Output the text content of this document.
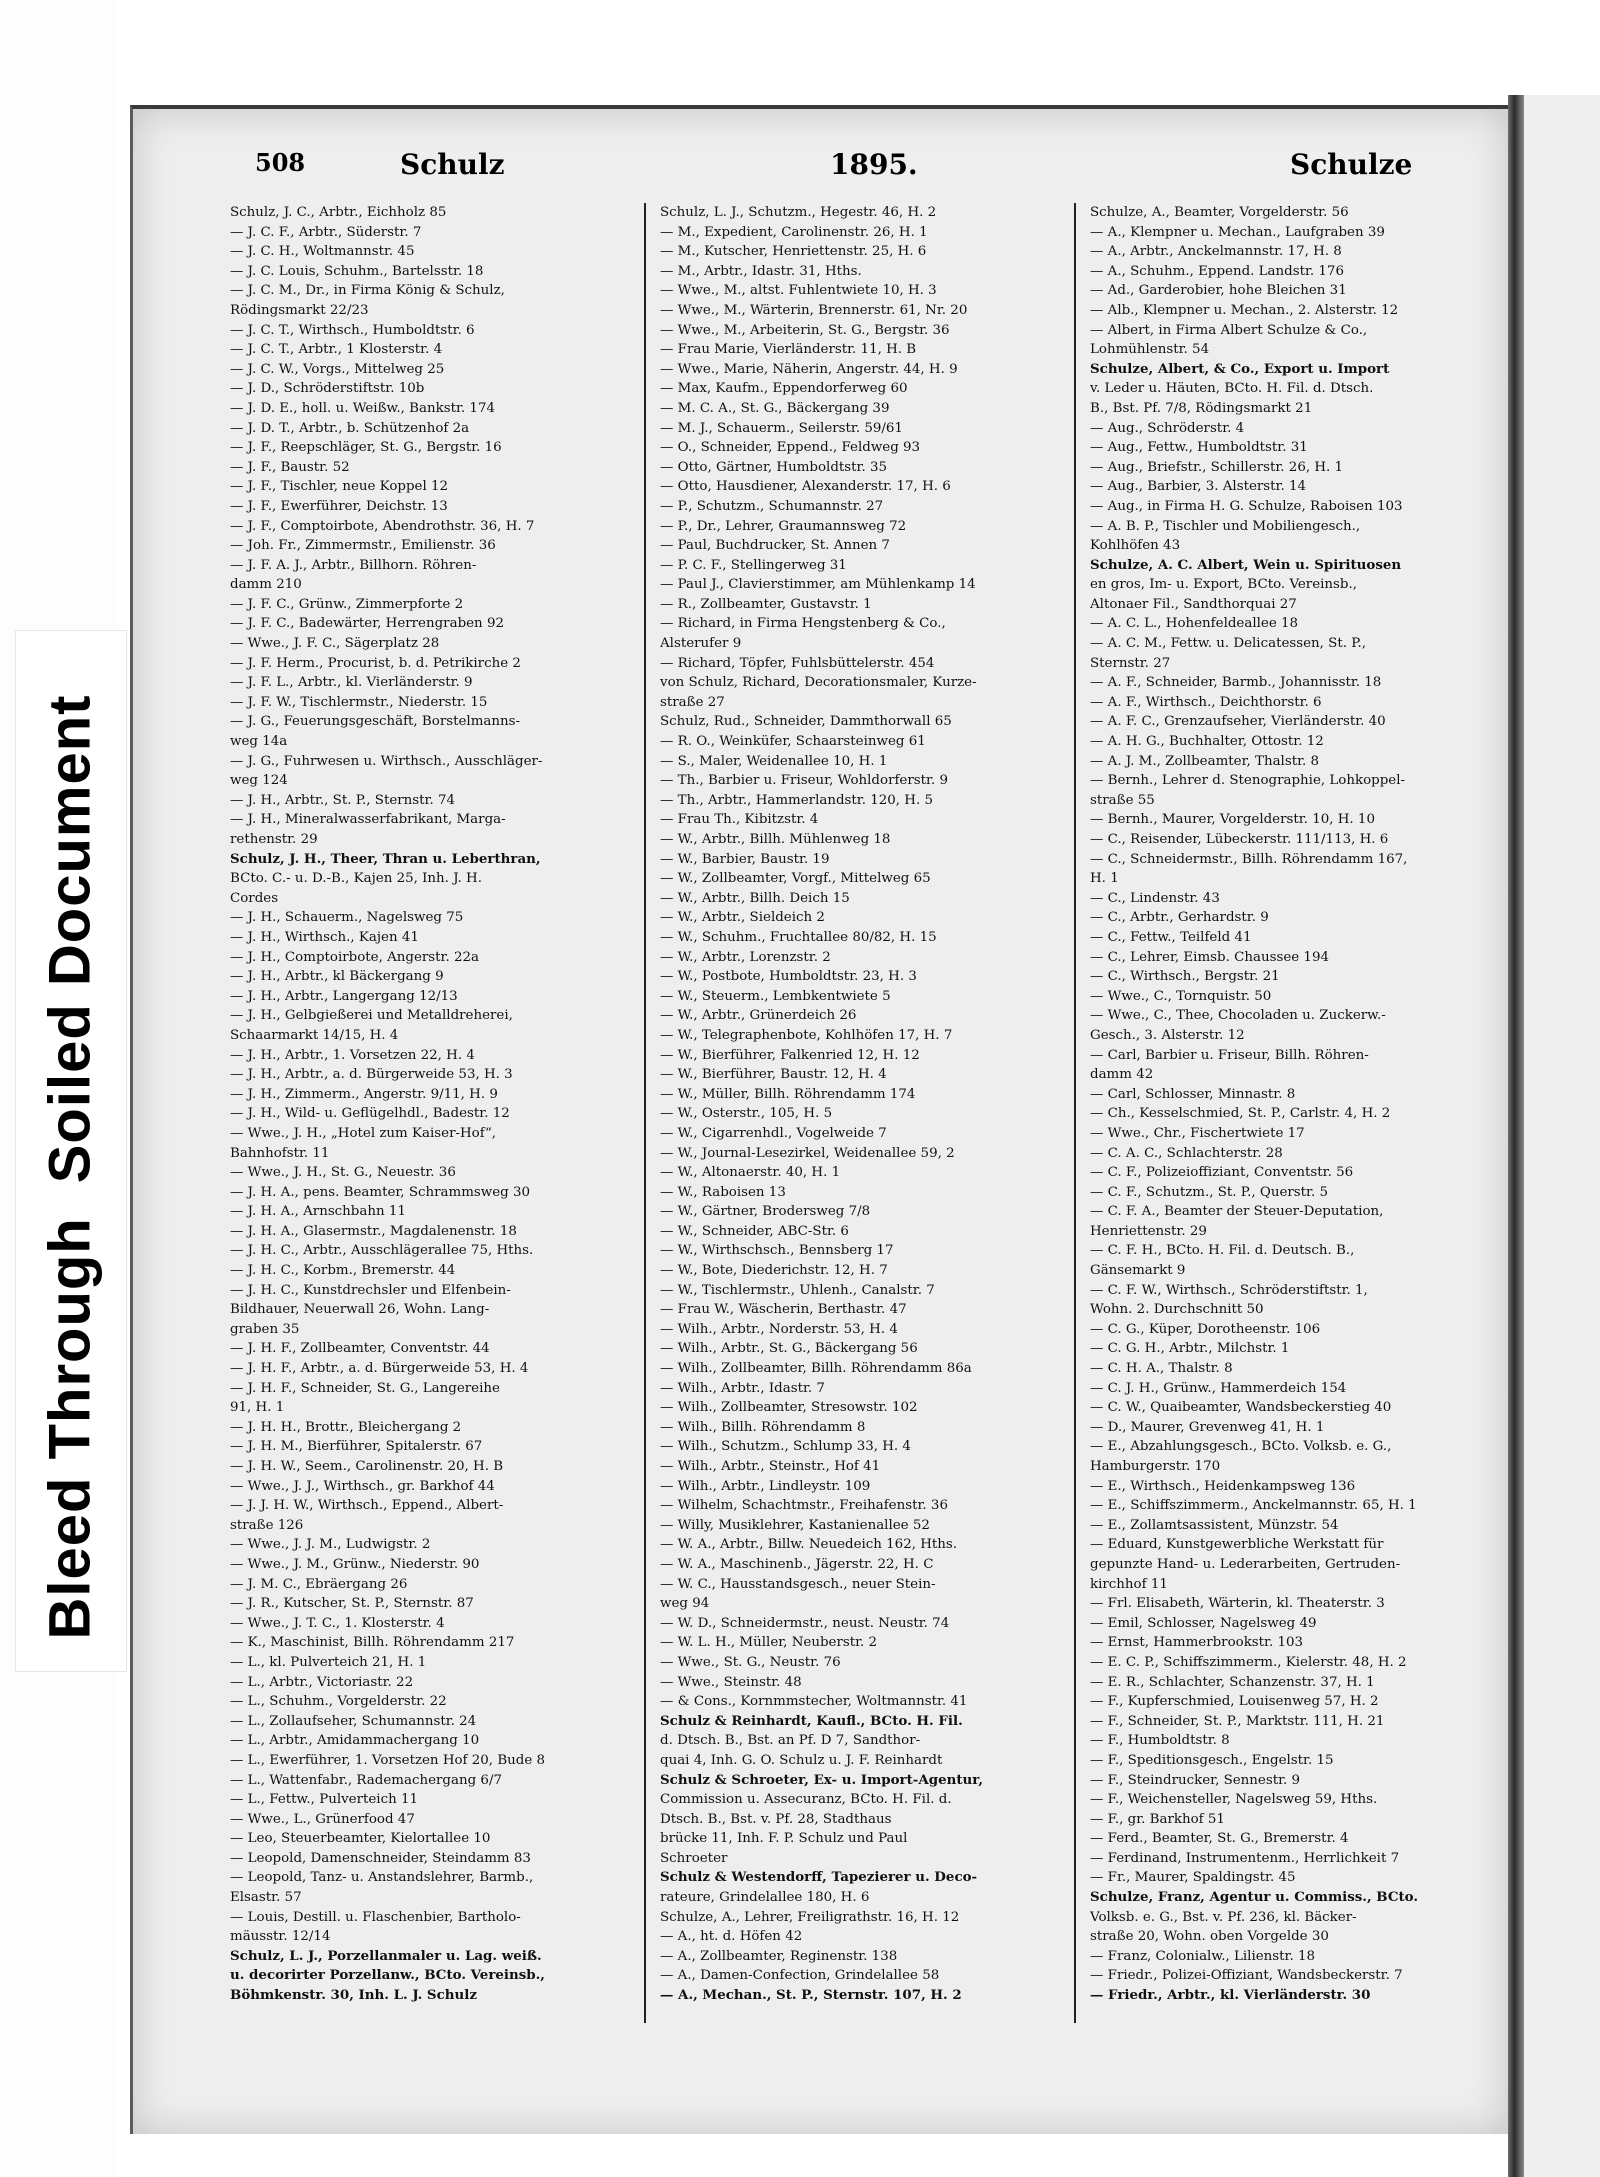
Bleed ThroughSoiled Document
508	Schulz	1895.	Schulze
Schulz, J. C., Arbtr., Eichholz 85
— J. C. F., Arbtr., Süderstr. 7
— J. C. H., Woltmannstr. 45
— J. C. Louis, Schuhm., Bartelsstr. 18
— J. C. M., Dr., in Firma König & Schulz,
Rödingsmarkt 22/23
— J. C. T., Wirthsch., Humboldtstr. 6
— J. C. T., Arbtr., 1 Klosterstr. 4
— J. C. W., Vorgs., Mittelweg 25
— J. D., Schröderstiftstr. 10b
— J. D. E., holl. u. Weißw., Bankstr. 174
— J. D. T., Arbtr., b. Schützenhof 2a
— J. F., Reepschläger, St. G., Bergstr. 16
— J. F., Baustr. 52
— J. F., Tischler, neue Koppel 12
— J. F., Ewerführer, Deichstr. 13
— J. F., Comptoirbote, Abendrothstr. 36, H. 7
— Joh. Fr., Zimmermstr., Emilienstr. 36
— J. F. A. J., Arbtr., Billhorn. Röhren-
damm 210
— J. F. C., Grünw., Zimmerpforte 2
— J. F. C., Badewärter, Herrengraben 92
— Wwe., J. F. C., Sägerplatz 28
— J. F. Herm., Procurist, b. d. Petrikirche 2
— J. F. L., Arbtr., kl. Vierländerstr. 9
— J. F. W., Tischlermstr., Niederstr. 15
— J. G., Feuerungsgeschäft, Borstelmanns-
weg 14a
— J. G., Fuhrwesen u. Wirthsch., Ausschläger-
weg 124
— J. H., Arbtr., St. P., Sternstr. 74
— J. H., Mineralwasserfabrikant, Marga-
rethenstr. 29
Schulz, J. H., Theer, Thran u. Leberthran,
BCto. C.- u. D.-B., Kajen 25, Inh. J. H.
Cordes
— J. H., Schauerm., Nagelsweg 75
— J. H., Wirthsch., Kajen 41
— J. H., Comptoirbote, Angerstr. 22a
— J. H., Arbtr., kl Bäckergang 9
— J. H., Arbtr., Langergang 12/13
— J. H., Gelbgießerei und Metalldreherei,
Schaarmarkt 14/15, H. 4
— J. H., Arbtr., 1. Vorsetzen 22, H. 4
— J. H., Arbtr., a. d. Bürgerweide 53, H. 3
— J. H., Zimmerm., Angerstr. 9/11, H. 9
— J. H., Wild- u. Geflügelhdl., Badestr. 12
— Wwe., J. H., „Hotel zum Kaiser-Hof“,
Bahnhofstr. 11
— Wwe., J. H., St. G., Neuestr. 36
— J. H. A., pens. Beamter, Schrammsweg 30
— J. H. A., Arnschbahn 11
— J. H. A., Glasermstr., Magdalenenstr. 18
— J. H. C., Arbtr., Ausschlägerallee 75, Hths.
— J. H. C., Korbm., Bremerstr. 44
— J. H. C., Kunstdrechsler und Elfenbein-
Bildhauer, Neuerwall 26, Wohn. Lang-
graben 35
— J. H. F., Zollbeamter, Conventstr. 44
— J. H. F., Arbtr., a. d. Bürgerweide 53, H. 4
— J. H. F., Schneider, St. G., Langereihe
91, H. 1
— J. H. H., Brottr., Bleichergang 2
— J. H. M., Bierführer, Spitalerstr. 67
— J. H. W., Seem., Carolinenstr. 20, H. B
— Wwe., J. J., Wirthsch., gr. Barkhof 44
— J. J. H. W., Wirthsch., Eppend., Albert-
straße 126
— Wwe., J. J. M., Ludwigstr. 2
— Wwe., J. M., Grünw., Niederstr. 90
— J. M. C., Ebräergang 26
— J. R., Kutscher, St. P., Sternstr. 87
— Wwe., J. T. C., 1. Klosterstr. 4
— K., Maschinist, Billh. Röhrendamm 217
— L., kl. Pulverteich 21, H. 1
— L., Arbtr., Victoriastr. 22
— L., Schuhm., Vorgelderstr. 22
— L., Zollaufseher, Schumannstr. 24
— L., Arbtr., Amidammachergang 10
— L., Ewerführer, 1. Vorsetzen Hof 20, Bude 8
— L., Wattenfabr., Rademachergang 6/7
— L., Fettw., Pulverteich 11
— Wwe., L., Grünerfood 47
— Leo, Steuerbeamter, Kielortallee 10
— Leopold, Damenschneider, Steindamm 83
— Leopold, Tanz- u. Anstandslehrer, Barmb.,
Elsastr. 57
— Louis, Destill. u. Flaschenbier, Bartholo-
mäusstr. 12/14
Schulz, L. J., Porzellanmaler u. Lag. weiß.
u. decorirter Porzellanw., BCto. Vereinsb.,
Böhmkenstr. 30, Inh. L. J. Schulz
Schulz, L. J., Schutzm., Hegestr. 46, H. 2
— M., Expedient, Carolinenstr. 26, H. 1
— M., Kutscher, Henriettenstr. 25, H. 6
— M., Arbtr., Idastr. 31, Hths.
— Wwe., M., altst. Fuhlentwiete 10, H. 3
— Wwe., M., Wärterin, Brennerstr. 61, Nr. 20
— Wwe., M., Arbeiterin, St. G., Bergstr. 36
— Frau Marie, Vierländerstr. 11, H. B
— Wwe., Marie, Näherin, Angerstr. 44, H. 9
— Max, Kaufm., Eppendorferweg 60
— M. C. A., St. G., Bäckergang 39
— M. J., Schauerm., Seilerstr. 59/61
— O., Schneider, Eppend., Feldweg 93
— Otto, Gärtner, Humboldtstr. 35
— Otto, Hausdiener, Alexanderstr. 17, H. 6
— P., Schutzm., Schumannstr. 27
— P., Dr., Lehrer, Graumannsweg 72
— Paul, Buchdrucker, St. Annen 7
— P. C. F., Stellingerweg 31
— Paul J., Clavierstimmer, am Mühlenkamp 14
— R., Zollbeamter, Gustavstr. 1
— Richard, in Firma Hengstenberg & Co.,
Alsterufer 9
— Richard, Töpfer, Fuhlsbüttelerstr. 454
von Schulz, Richard, Decorationsmaler, Kurze-
straße 27
Schulz, Rud., Schneider, Dammthorwall 65
— R. O., Weinküfer, Schaarsteinweg 61
— S., Maler, Weidenallee 10, H. 1
— Th., Barbier u. Friseur, Wohldorferstr. 9
— Th., Arbtr., Hammerlandstr. 120, H. 5
— Frau Th., Kibitzstr. 4
— W., Arbtr., Billh. Mühlenweg 18
— W., Barbier, Baustr. 19
— W., Zollbeamter, Vorgf., Mittelweg 65
— W., Arbtr., Billh. Deich 15
— W., Arbtr., Sieldeich 2
— W., Schuhm., Fruchtallee 80/82, H. 15
— W., Arbtr., Lorenzstr. 2
— W., Postbote, Humboldtstr. 23, H. 3
— W., Steuerm., Lembkentwiete 5
— W., Arbtr., Grünerdeich 26
— W., Telegraphenbote, Kohlhöfen 17, H. 7
— W., Bierführer, Falkenried 12, H. 12
— W., Bierführer, Baustr. 12, H. 4
— W., Müller, Billh. Röhrendamm 174
— W., Osterstr., 105, H. 5
— W., Cigarrenhdl., Vogelweide 7
— W., Journal-Lesezirkel, Weidenallee 59, 2
— W., Altonaerstr. 40, H. 1
— W., Raboisen 13
— W., Gärtner, Brodersweg 7/8
— W., Schneider, ABC-Str. 6
— W., Wirthschsch., Bennsberg 17
— W., Bote, Diederichstr. 12, H. 7
— W., Tischlermstr., Uhlenh., Canalstr. 7
— Frau W., Wäscherin, Berthastr. 47
— Wilh., Arbtr., Norderstr. 53, H. 4
— Wilh., Arbtr., St. G., Bäckergang 56
— Wilh., Zollbeamter, Billh. Röhrendamm 86a
— Wilh., Arbtr., Idastr. 7
— Wilh., Zollbeamter, Stresowstr. 102
— Wilh., Billh. Röhrendamm 8
— Wilh., Schutzm., Schlump 33, H. 4
— Wilh., Arbtr., Steinstr., Hof 41
— Wilh., Arbtr., Lindleystr. 109
— Wilhelm, Schachtmstr., Freihafenstr. 36
— Willy, Musiklehrer, Kastanienallee 52
— W. A., Arbtr., Billw. Neuedeich 162, Hths.
— W. A., Maschinenb., Jägerstr. 22, H. C
— W. C., Hausstandsgesch., neuer Stein-
weg 94
— W. D., Schneidermstr., neust. Neustr. 74
— W. L. H., Müller, Neuberstr. 2
— Wwe., St. G., Neustr. 76
— Wwe., Steinstr. 48
— & Cons., Kornmmstecher, Woltmannstr. 41
Schulz & Reinhardt, Kaufl., BCto. H. Fil.
d. Dtsch. B., Bst. an Pf. D 7, Sandthor-
quai 4, Inh. G. O. Schulz u. J. F. Reinhardt
Schulz & Schroeter, Ex- u. Import-Agentur,
Commission u. Assecuranz, BCto. H. Fil. d.
Dtsch. B., Bst. v. Pf. 28, Stadthaus
brücke 11, Inh. F. P. Schulz und Paul
Schroeter
Schulz & Westendorff, Tapezierer u. Deco-
rateure, Grindelallee 180, H. 6
Schulze, A., Lehrer, Freiligrathstr. 16, H. 12
— A., ht. d. Höfen 42
— A., Zollbeamter, Reginenstr. 138
— A., Damen-Confection, Grindelallee 58
— A., Mechan., St. P., Sternstr. 107, H. 2
Schulze, A., Beamter, Vorgelderstr. 56
— A., Klempner u. Mechan., Laufgraben 39
— A., Arbtr., Anckelmannstr. 17, H. 8
— A., Schuhm., Eppend. Landstr. 176
— Ad., Garderobier, hohe Bleichen 31
— Alb., Klempner u. Mechan., 2. Alsterstr. 12
— Albert, in Firma Albert Schulze & Co.,
Lohmühlenstr. 54
Schulze, Albert, & Co., Export u. Import
v. Leder u. Häuten, BCto. H. Fil. d. Dtsch.
B., Bst. Pf. 7/8, Rödingsmarkt 21
— Aug., Schröderstr. 4
— Aug., Fettw., Humboldtstr. 31
— Aug., Briefstr., Schillerstr. 26, H. 1
— Aug., Barbier, 3. Alsterstr. 14
— Aug., in Firma H. G. Schulze, Raboisen 103
— A. B. P., Tischler und Mobiliengesch.,
Kohlhöfen 43
Schulze, A. C. Albert, Wein u. Spirituosen
en gros, Im- u. Export, BCto. Vereinsb.,
Altonaer Fil., Sandthorquai 27
— A. C. L., Hohenfeldeallee 18
— A. C. M., Fettw. u. Delicatessen, St. P.,
Sternstr. 27
— A. F., Schneider, Barmb., Johannisstr. 18
— A. F., Wirthsch., Deichthorstr. 6
— A. F. C., Grenzaufseher, Vierländerstr. 40
— A. H. G., Buchhalter, Ottostr. 12
— A. J. M., Zollbeamter, Thalstr. 8
— Bernh., Lehrer d. Stenographie, Lohkoppel-
straße 55
— Bernh., Maurer, Vorgelderstr. 10, H. 10
— C., Reisender, Lübeckerstr. 111/113, H. 6
— C., Schneidermstr., Billh. Röhrendamm 167,
H. 1
— C., Lindenstr. 43
— C., Arbtr., Gerhardstr. 9
— C., Fettw., Teilfeld 41
— C., Lehrer, Eimsb. Chaussee 194
— C., Wirthsch., Bergstr. 21
— Wwe., C., Tornquistr. 50
— Wwe., C., Thee, Chocoladen u. Zuckerw.-
Gesch., 3. Alsterstr. 12
— Carl, Barbier u. Friseur, Billh. Röhren-
damm 42
— Carl, Schlosser, Minnastr. 8
— Ch., Kesselschmied, St. P., Carlstr. 4, H. 2
— Wwe., Chr., Fischertwiete 17
— C. A. C., Schlachterstr. 28
— C. F., Polizeioffiziant, Conventstr. 56
— C. F., Schutzm., St. P., Querstr. 5
— C. F. A., Beamter der Steuer-Deputation,
Henriettenstr. 29
— C. F. H., BCto. H. Fil. d. Deutsch. B.,
Gänsemarkt 9
— C. F. W., Wirthsch., Schröderstiftstr. 1,
Wohn. 2. Durchschnitt 50
— C. G., Küper, Dorotheenstr. 106
— C. G. H., Arbtr., Milchstr. 1
— C. H. A., Thalstr. 8
— C. J. H., Grünw., Hammerdeich 154
— C. W., Quaibeamter, Wandsbeckerstieg 40
— D., Maurer, Grevenweg 41, H. 1
— E., Abzahlungsgesch., BCto. Volksb. e. G.,
Hamburgerstr. 170
— E., Wirthsch., Heidenkampsweg 136
— E., Schiffszimmerm., Anckelmannstr. 65, H. 1
— E., Zollamtsassistent, Münzstr. 54
— Eduard, Kunstgewerbliche Werkstatt für
gepunzte Hand- u. Lederarbeiten, Gertruden-
kirchhof 11
— Frl. Elisabeth, Wärterin, kl. Theaterstr. 3
— Emil, Schlosser, Nagelsweg 49
— Ernst, Hammerbrookstr. 103
— E. C. P., Schiffszimmerm., Kielerstr. 48, H. 2
— E. R., Schlachter, Schanzenstr. 37, H. 1
— F., Kupferschmied, Louisenweg 57, H. 2
— F., Schneider, St. P., Marktstr. 111, H. 21
— F., Humboldtstr. 8
— F., Speditionsgesch., Engelstr. 15
— F., Steindrucker, Sennestr. 9
— F., Weichensteller, Nagelsweg 59, Hths.
— F., gr. Barkhof 51
— Ferd., Beamter, St. G., Bremerstr. 4
— Ferdinand, Instrumentenm., Herrlichkeit 7
— Fr., Maurer, Spaldingstr. 45
Schulze, Franz, Agentur u. Commiss., BCto.
Volksb. e. G., Bst. v. Pf. 236, kl. Bäcker-
straße 20, Wohn. oben Vorgelde 30
— Franz, Colonialw., Lilienstr. 18
— Friedr., Polizei-Offiziant, Wandsbeckerstr. 7
— Friedr., Arbtr., kl. Vierländerstr. 30
